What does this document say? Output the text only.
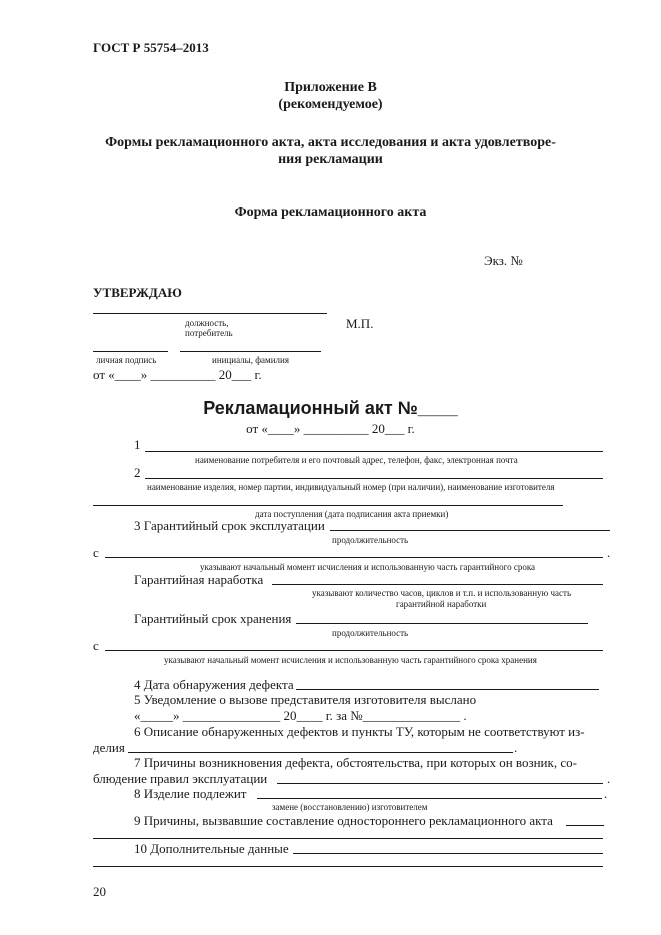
ГОСТ Р 55754–2013
Приложение В
(рекомендуемое)
Формы рекламационного акта, акта исследования и акта удовлетворе-
ния рекламации
Форма рекламационного акта
Экз. №
УТВЕРЖДАЮ
должность,
потребитель
М.П.
личная подпись	инициалы, фамилия
от «____» __________ 20___ г.
Рекламационный акт №____
от «____» __________ 20___ г.
1
наименование потребителя и его почтовый адрес, телефон, факс, электронная почта
2
наименование изделия, номер партии, индивидуальный номер (при наличии), наименование изготовителя
дата поступления (дата подписания акта приемки)
3 Гарантийный срок эксплуатации
продолжительность
с	.
указывают начальный момент исчисления и использованную часть гарантийного срока
Гарантийная наработка
указывают количество часов, циклов и т.п. и использованную часть
гарантийной наработки
Гарантийный срок хранения
продолжительность
с
указывают начальный момент исчисления и использованную часть гарантийного срока хранения
4 Дата обнаружения дефекта
5 Уведомление о вызове представителя изготовителя выслано
«_____» _______________ 20____ г. за №_______________ .
6 Описание обнаруженных дефектов и пункты ТУ, которым не соответствуют из-
делия	.
7 Причины возникновения дефекта, обстоятельства, при которых он возник, со-
блюдение правил эксплуатации	.
8 Изделие подлежит	.
замене (восстановлению) изготовителем
9 Причины, вызвавшие составление одностороннего рекламационного акта
10 Дополнительные данные
20
